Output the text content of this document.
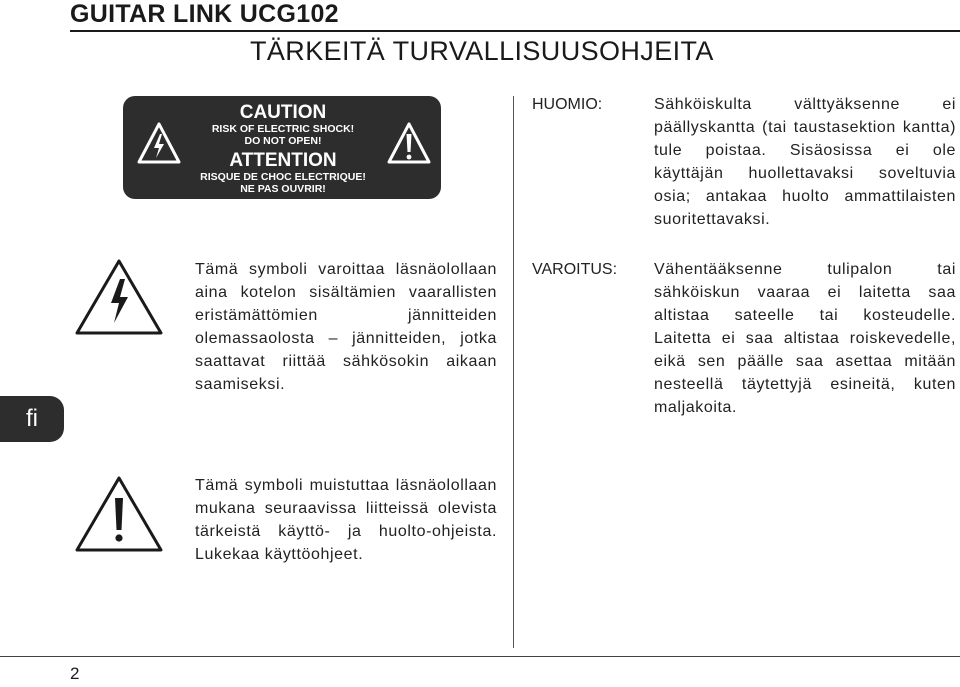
GUITAR LINK UCG102
TÄRKEITÄ TURVALLISUUSOHJEITA
CAUTION
RISK OF ELECTRIC SHOCK!
DO NOT OPEN!
ATTENTION
RISQUE DE CHOC ELECTRIQUE!
NE PAS OUVRIR!
Tämä symboli varoittaa läsnäolollaan aina kotelon sisältämien vaarallisten eristämättömien jännitteiden olemassaolosta – jännitteiden, jotka saattavat riittää sähkösokin aikaan saamiseksi.
Tämä symboli muistuttaa läsnäolollaan mukana seuraavissa liitteissä olevista tärkeistä käyttö- ja huolto-ohjeista. Lukekaa käyttöohjeet.
HUOMIO:	Sähköiskulta välttyäksenne ei päällyskantta (tai taustasektion kantta) tule poistaa. Sisäosissa ei ole käyttäjän huollettavaksi soveltuvia osia; antakaa huolto ammattilaisten suoritettavaksi.
VAROITUS: Vähentääksenne tulipalon tai sähköiskun vaaraa ei laitetta saa altistaa sateelle tai kosteudelle. Laitetta ei saa altistaa roiskevedelle, eikä sen päälle saa asettaa mitään nesteellä täytettyjä esineitä, kuten maljakoita.
fi
2
